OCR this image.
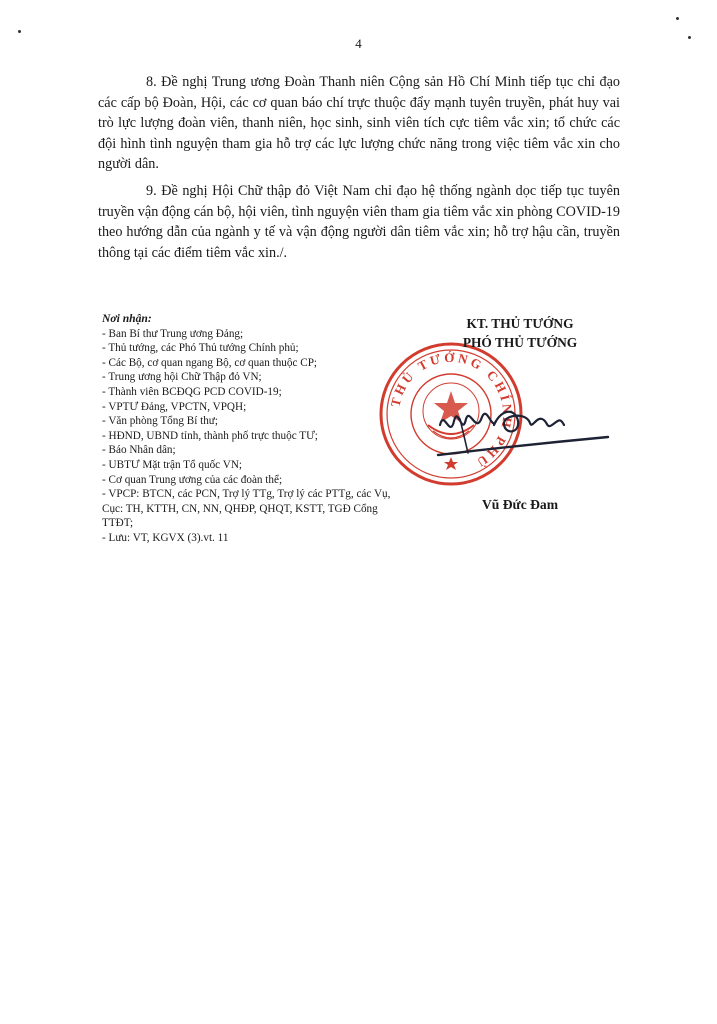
4

8. Đề nghị Trung ương Đoàn Thanh niên Cộng sản Hồ Chí Minh tiếp tục chỉ đạo các cấp bộ Đoàn, Hội, các cơ quan báo chí trực thuộc đẩy mạnh tuyên truyền, phát huy vai trò lực lượng đoàn viên, thanh niên, học sinh, sinh viên tích cực tiêm vắc xin; tổ chức các đội hình tình nguyện tham gia hỗ trợ các lực lượng chức năng trong việc tiêm vắc xin cho người dân.

9. Đề nghị Hội Chữ thập đỏ Việt Nam chỉ đạo hệ thống ngành dọc tiếp tục tuyên truyền vận động cán bộ, hội viên, tình nguyện viên tham gia tiêm vắc xin phòng COVID-19 theo hướng dẫn của ngành y tế và vận động người dân tiêm vắc xin; hỗ trợ hậu cần, truyền thông tại các điểm tiêm vắc xin./.

Nơi nhận:
- Ban Bí thư Trung ương Đảng;
- Thủ tướng, các Phó Thủ tướng Chính phủ;
- Các Bộ, cơ quan ngang Bộ, cơ quan thuộc CP;
- Trung ương hội Chữ Thập đỏ VN;
- Thành viên BCĐQG PCD COVID-19;
- VPTƯ Đảng, VPCTN, VPQH;
- Văn phòng Tổng Bí thư;
- HĐND, UBND tỉnh, thành phố trực thuộc TƯ;
- Báo Nhân dân;
- UBTƯ Mặt trận Tổ quốc VN;
- Cơ quan Trung ương của các đoàn thể;
- VPCP: BTCN, các PCN, Trợ lý TTg, Trợ lý các PTTg, các Vụ, Cục: TH, KTTH, CN, NN, QHĐP, QHQT, KSTT, TGĐ Cổng TTĐT;
- Lưu: VT, KGVX (3).vt. 11
THỦ TƯỚNG CHÍNH PHỦ
KT. THỦ TƯỚNG
PHÓ THỦ TƯỚNG
Vũ Đức Đam
